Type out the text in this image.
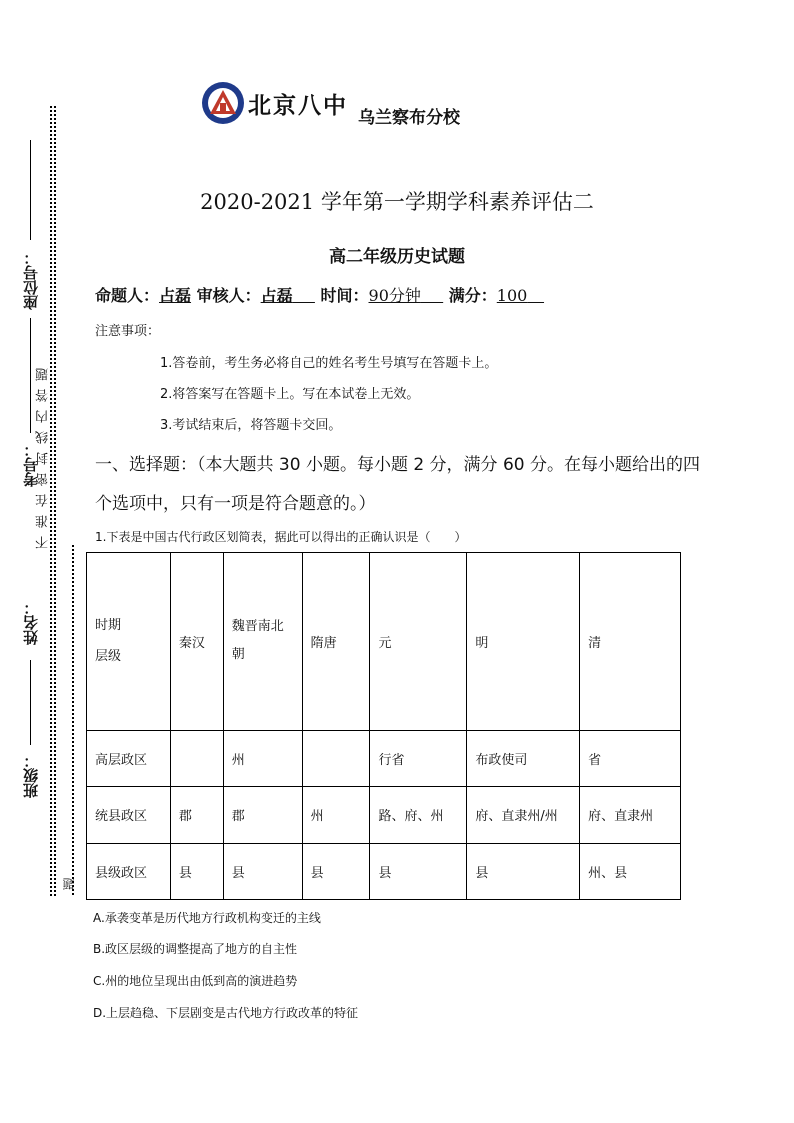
北京八中 乌兰察布分校
2020-2021 学年第一学期学科素养评估二
高二年级历史试题
命题人：占磊 审核人：占磊 时间：90分钟 满分：100
注意事项：
1.答卷前，考生务必将自己的姓名考生号填写在答题卡上。
2.将答案写在答题卡上。写在本试卷上无效。
3.考试结束后，将答题卡交回。
一、选择题：（本大题共 30 小题。每小题 2 分，满分 60 分。在每小题给出的四个选项中，只有一项是符合题意的。）
1.下表是中国古代行政区划简表，据此可以得出的正确认识是（　　）
时期
层级	秦汉	魏晋南北朝	隋唐	元	明	清
高层政区		州		行省	布政使司	省
统县政区	郡	郡	州	路、府、州	府、直隶州/州	府、直隶州
县级政区	县	县	县	县	县	州、县
A.承袭变革是历代地方行政机构变迁的主线
B.政区层级的调整提高了地方的自主性
C.州的地位呈现出由低到高的演进趋势
D.上层趋稳、下层剧变是古代地方行政改革的特征
座位号：
考号：
姓名：
班级：
不准在密封线内答题
题
